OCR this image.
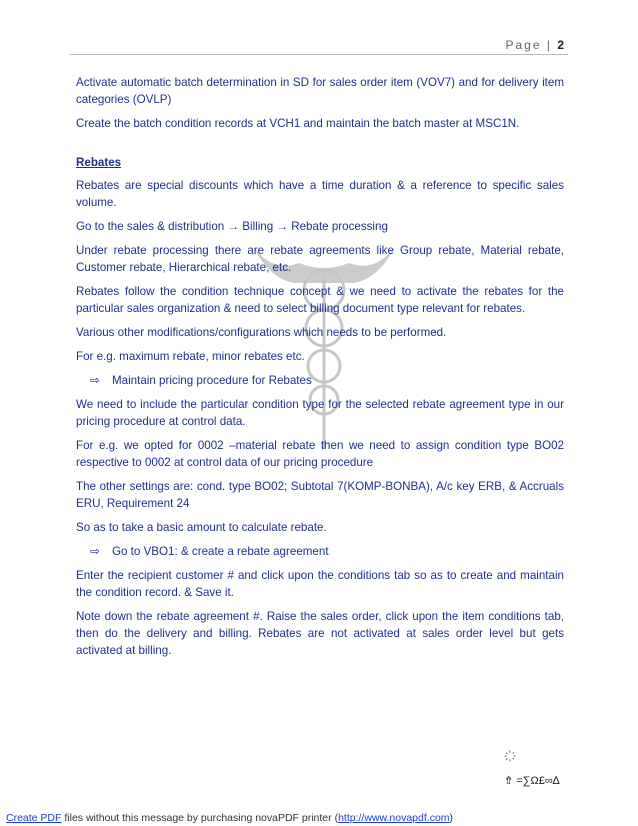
Page | 2

Activate automatic batch determination in SD for sales order item (VOV7) and for delivery item categories (OVLP)

Create the batch condition records at VCH1 and maintain the batch master at MSC1N.

Rebates

Rebates are special discounts which have a time duration & a reference to specific sales volume.

Go to the sales & distribution → Billing → Rebate processing

Under rebate processing there are rebate agreements like Group rebate, Material rebate, Customer rebate, Hierarchical rebate, etc.

Rebates follow the condition technique concept & we need to activate the rebates for the particular sales organization & need to select billing document type relevant for rebates.

Various other modifications/configurations which needs to be performed.

For e.g. maximum rebate, minor rebates etc.

⇨ Maintain pricing procedure for Rebates

We need to include the particular condition type for the selected rebate agreement type in our pricing procedure at control data.

For e.g. we opted for 0002 –material rebate then we need to assign condition type BO02 respective to 0002 at control data of our pricing procedure

The other settings are: cond. type BO02; Subtotal 7(KOMP-BONBA), A/c key ERB, & Accruals ERU, Requirement 24

So as to take a basic amount to calculate rebate.

⇨ Go to VBO1: & create a rebate agreement

Enter the recipient customer # and click upon the conditions tab so as to create and maintain the condition record. & Save it.

Note down the rebate agreement #. Raise the sales order, click upon the item conditions tab, then do the delivery and billing. Rebates are not activated at sales order level but gets activated at billing.

⇮ =∑Ω£∞∆
Create PDF files without this message by purchasing novaPDF printer (http://www.novapdf.com)
